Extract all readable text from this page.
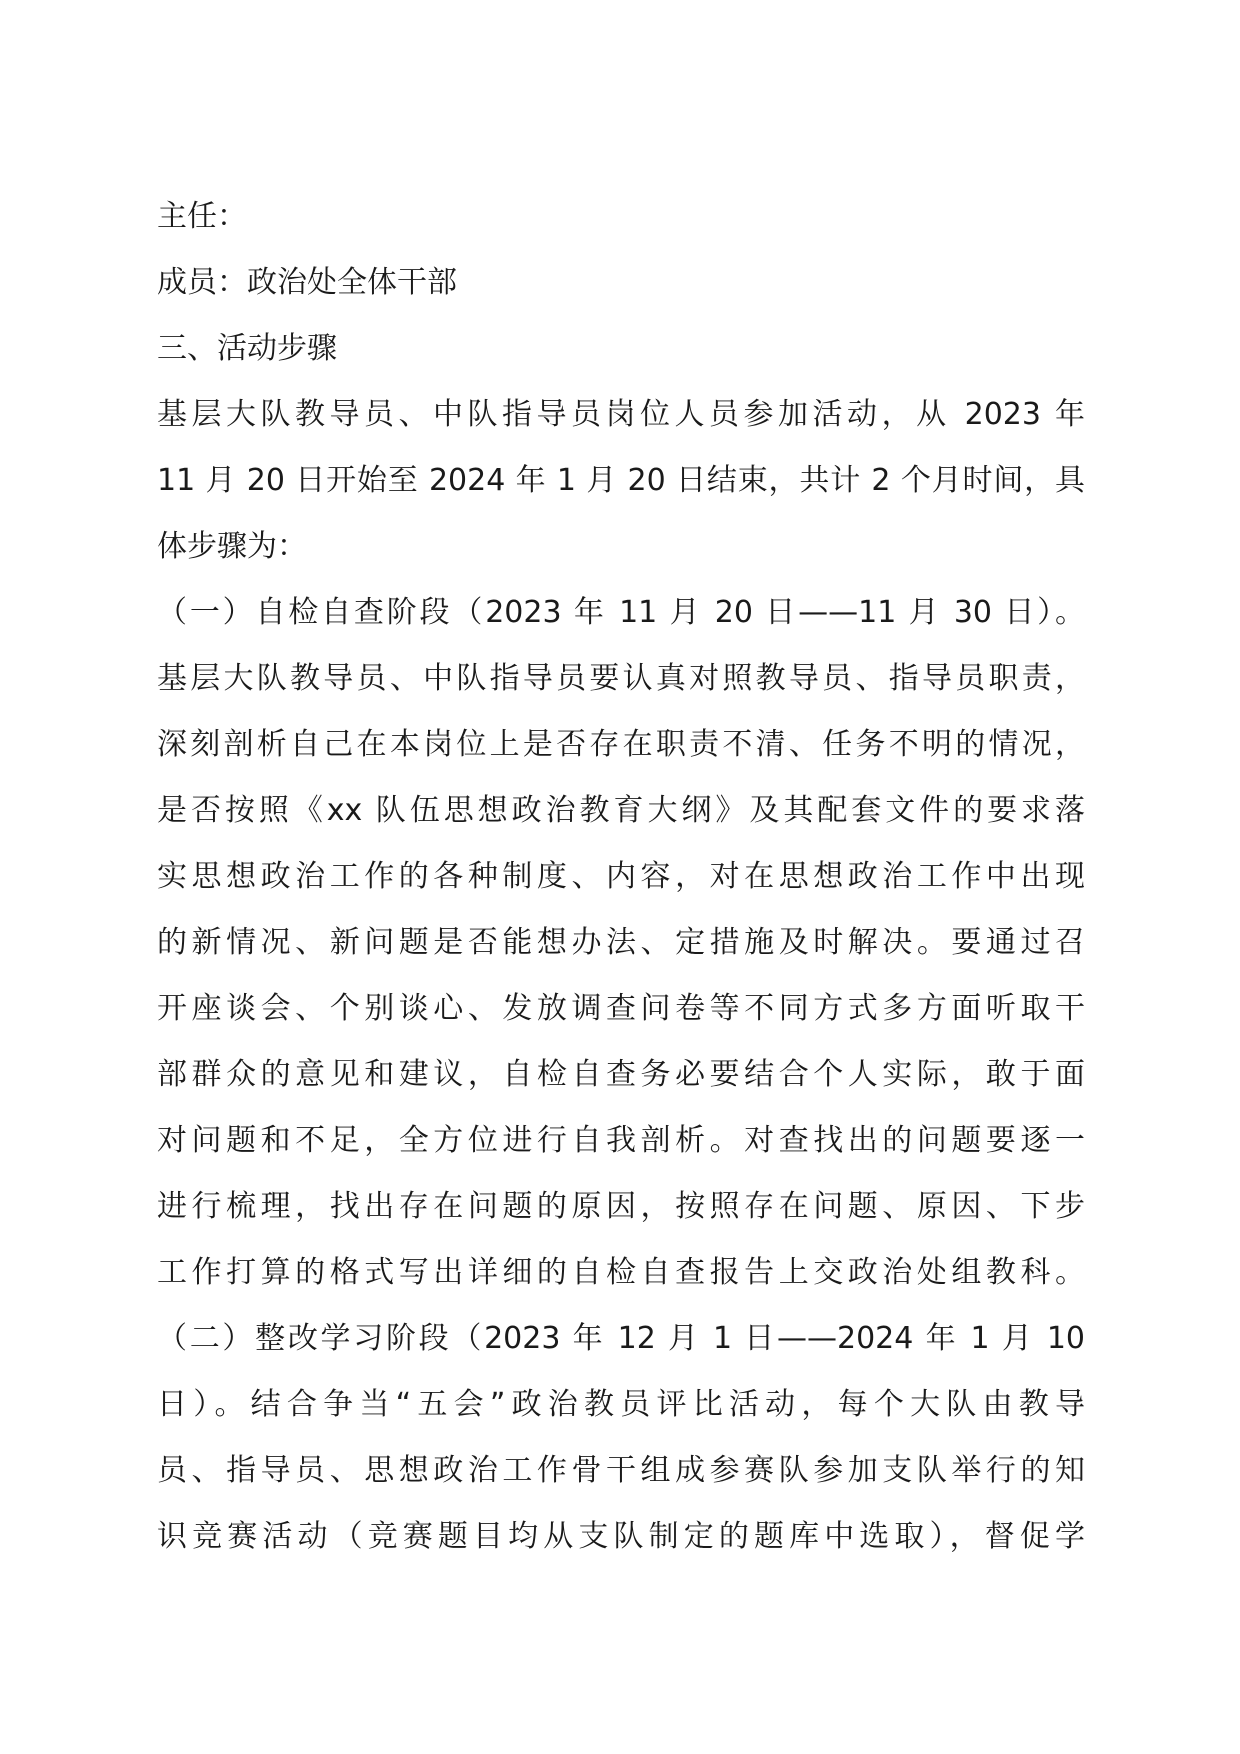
主任：
成员：政治处全体干部
三、活动步骤
基层大队教导员、中队指导员岗位人员参加活动，从 2023 年
11 月 20 日开始至 2024 年 1 月 20 日结束，共计 2 个月时间，具
体步骤为：
（一）自检自查阶段（2023 年 11 月 20 日——11 月 30 日）。
基层大队教导员、中队指导员要认真对照教导员、指导员职责，
深刻剖析自己在本岗位上是否存在职责不清、任务不明的情况，
是否按照《xx 队伍思想政治教育大纲》及其配套文件的要求落
实思想政治工作的各种制度、内容，对在思想政治工作中出现
的新情况、新问题是否能想办法、定措施及时解决。要通过召
开座谈会、个别谈心、发放调查问卷等不同方式多方面听取干
部群众的意见和建议，自检自查务必要结合个人实际，敢于面
对问题和不足，全方位进行自我剖析。对查找出的问题要逐一
进行梳理，找出存在问题的原因，按照存在问题、原因、下步
工作打算的格式写出详细的自检自查报告上交政治处组教科。
（二）整改学习阶段（2023 年 12 月 1 日——2024 年 1 月 10
日）。结合争当“五会”政治教员评比活动，每个大队由教导
员、指导员、思想政治工作骨干组成参赛队参加支队举行的知
识竞赛活动（竞赛题目均从支队制定的题库中选取），督促学
